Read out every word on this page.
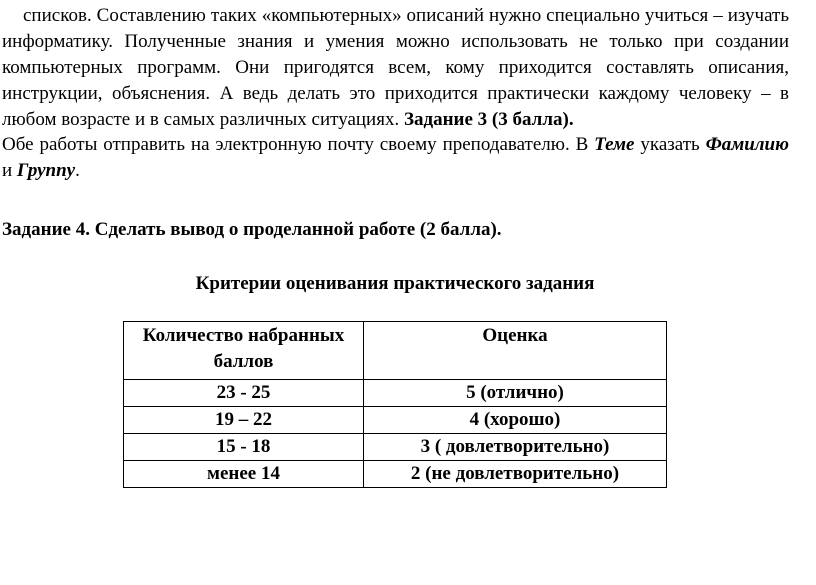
списков. Составлению таких «компьютерных» описаний нужно специально учиться – изучать информатику. Полученные знания и умения можно использовать не только при создании компьютерных программ. Они пригодятся всем, кому приходится составлять описания, инструкции, объяснения. А ведь делать это приходится практически каждому человеку – в любом возрасте и в самых различных ситуациях. Задание 3 (3 балла).

Обе работы отправить на электронную почту своему преподавателю. В Теме указать Фамилию и Группу.

Задание 4. Сделать вывод о проделанной работе (2 балла).

Критерии оценивания практического задания

Количество набранных баллов	Оценка
23 - 25	5 (отлично)
19 – 22	4 (хорошо)
15 - 18	3 ( довлетворительно)
менее 14	2 (не довлетворительно)
